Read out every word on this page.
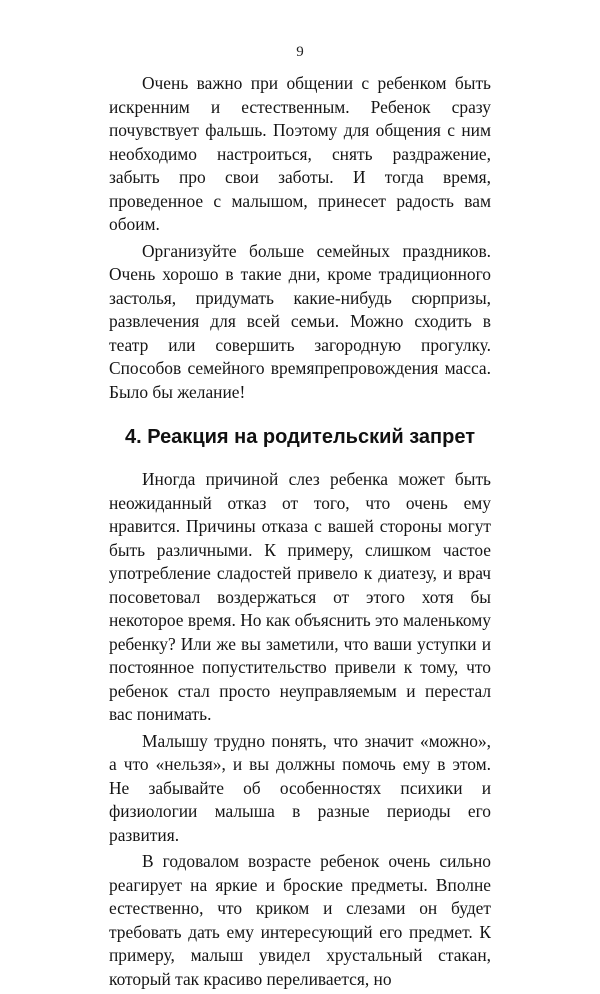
9

Очень важно при общении с ребенком быть искренним и естественным. Ребенок сразу почувствует фальшь. Поэтому для общения с ним необходимо настроиться, снять раздражение, забыть про свои заботы. И тогда время, проведенное с малышом, принесет радость вам обоим.

Организуйте больше семейных праздников. Очень хорошо в такие дни, кроме традиционного застолья, придумать какие-нибудь сюрпризы, развлечения для всей семьи. Можно сходить в театр или совершить загородную прогулку. Способов семейного времяпрепровождения масса. Было бы желание!

4. Реакция на родительский запрет

Иногда причиной слез ребенка может быть неожиданный отказ от того, что очень ему нравится. Причины отказа с вашей стороны могут быть различными. К примеру, слишком частое употребление сладостей привело к диатезу, и врач посоветовал воздержаться от этого хотя бы некоторое время. Но как объяснить это маленькому ребенку? Или же вы заметили, что ваши уступки и постоянное попустительство привели к тому, что ребенок стал просто неуправляемым и перестал вас понимать.

Малышу трудно понять, что значит «можно», а что «нельзя», и вы должны помочь ему в этом. Не забывайте об особенностях психики и физиологии малыша в разные периоды его развития.

В годовалом возрасте ребенок очень сильно реагирует на яркие и броские предметы. Вполне естественно, что криком и слезами он будет требовать дать ему интересующий его предмет. К примеру, малыш увидел хрустальный стакан, который так красиво переливается, но
